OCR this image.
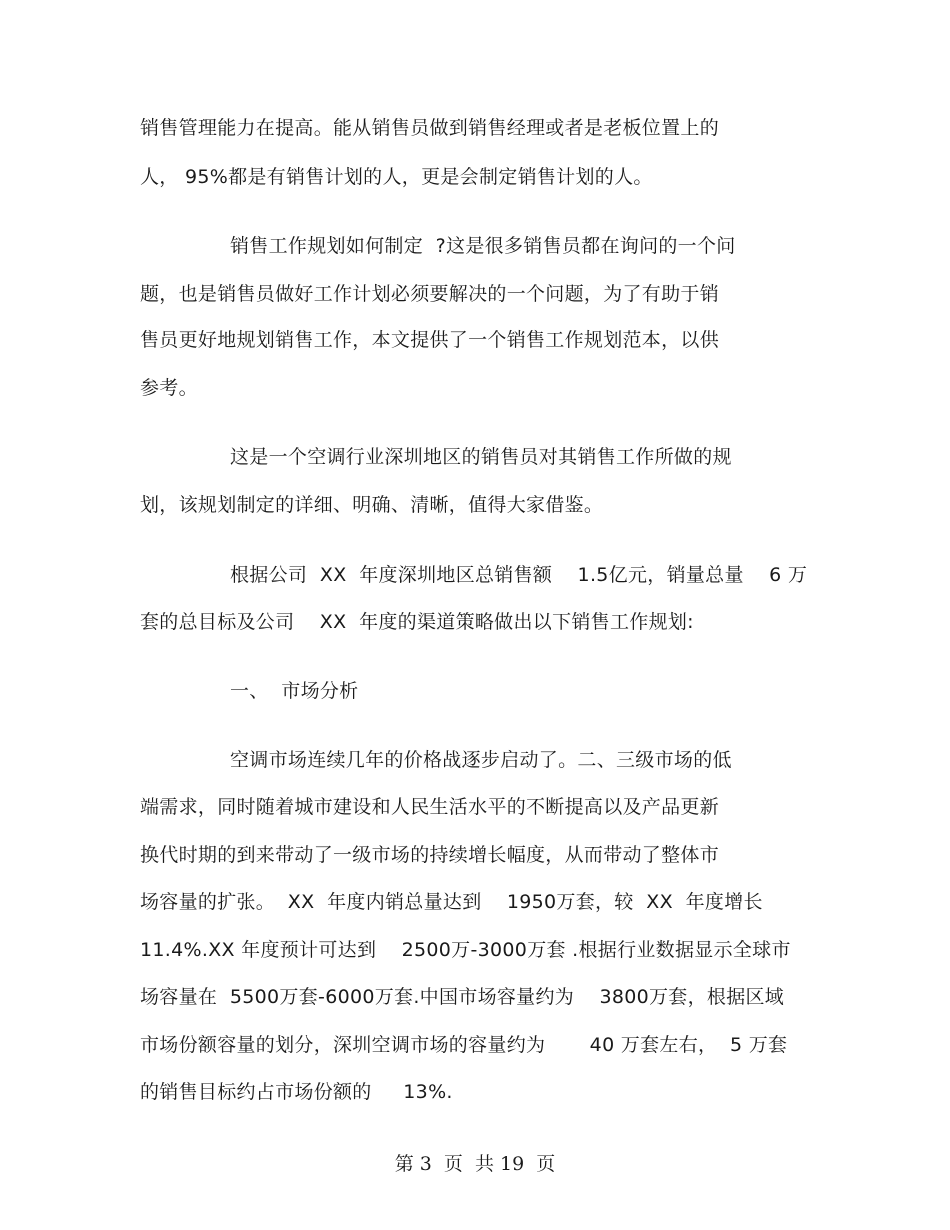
销售管理能力在提高。能从销售员做到销售经理或者是老板位置上的
人， 95%都是有销售计划的人，更是会制定销售计划的人。
销售工作规划如何制定  ?这是很多销售员都在询问的一个问
题，也是销售员做好工作计划必须要解决的一个问题，为了有助于销
售员更好地规划销售工作，本文提供了一个销售工作规划范本，以供
参考。
这是一个空调行业深圳地区的销售员对其销售工作所做的规
划，该规划制定的详细、明确、清晰，值得大家借鉴。
根据公司  XX  年度深圳地区总销售额    1.5亿元，销量总量    6 万
套的总目标及公司    XX  年度的渠道策略做出以下销售工作规划:
一、  市场分析
空调市场连续几年的价格战逐步启动了。二、三级市场的低
端需求，同时随着城市建设和人民生活水平的不断提高以及产品更新
换代时期的到来带动了一级市场的持续增长幅度，从而带动了整体市
场容量的扩张。  XX  年度内销总量达到    1950万套，较  XX  年度增长
11.4%.XX 年度预计可达到    2500万-3000万套 .根据行业数据显示全球市
场容量在  5500万套-6000万套.中国市场容量约为    3800万套，根据区域
市场份额容量的划分，深圳空调市场的容量约为       40 万套左右，  5 万套
的销售目标约占市场份额的     13%.
第 3  页  共 19  页
